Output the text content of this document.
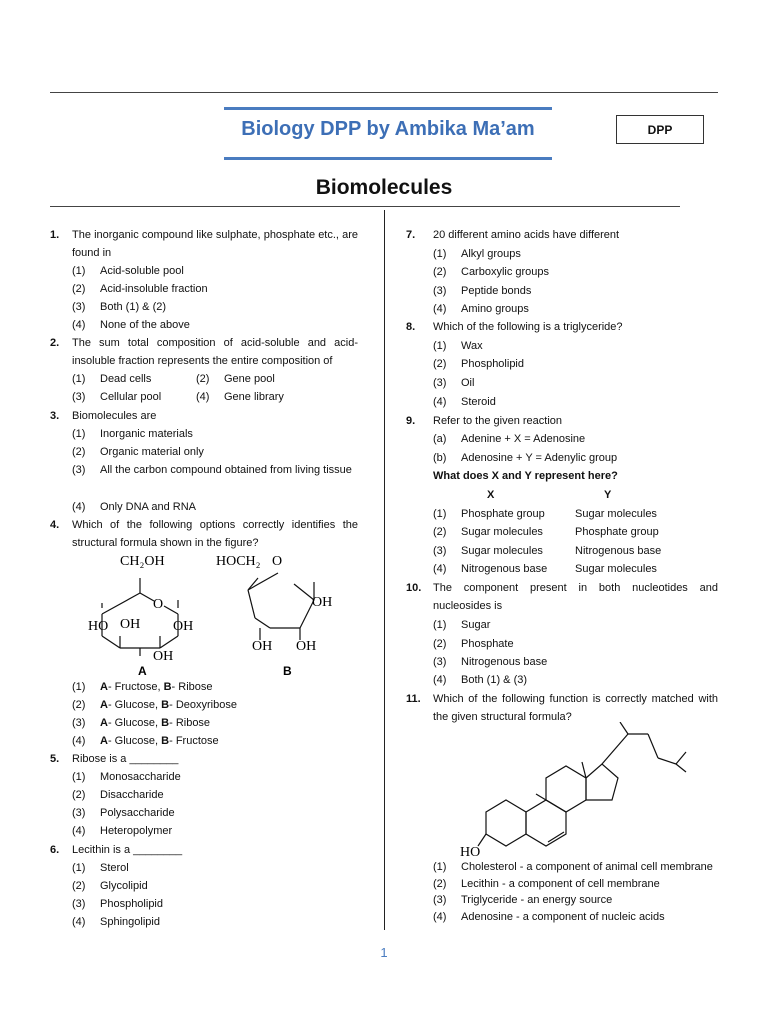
Biology DPP by Ambika Ma’am	DPP
Biomolecules
1. The inorganic compound like sulphate, phosphate etc., are found in
(1) Acid-soluble pool
(2) Acid-insoluble fraction
(3) Both (1) & (2)
(4) None of the above
2. The sum total composition of acid-soluble and acid-insoluble fraction represents the entire composition of
(1) Dead cells	(2) Gene pool
(3) Cellular pool	(4) Gene library
3. Biomolecules are
(1) Inorganic materials
(2) Organic material only
(3) All the carbon compound obtained from living tissue
(4) Only DNA and RNA
4. Which of the following options correctly identifies the structural formula shown in the figure?
CH₂OH
O
HO OH OH
OH
HOCH₂ O
OH
OH OH
A	B
(1) A- Fructose, B- Ribose
(2) A- Glucose, B- Deoxyribose
(3) A- Glucose, B- Ribose
(4) A- Glucose, B- Fructose
5. Ribose is a ________
(1) Monosaccharide
(2) Disaccharide
(3) Polysaccharide
(4) Heteropolymer
6. Lecithin is a ________
(1) Sterol
(2) Glycolipid
(3) Phospholipid
(4) Sphingolipid
7. 20 different amino acids have different
(1) Alkyl groups
(2) Carboxylic groups
(3) Peptide bonds
(4) Amino groups
8. Which of the following is a triglyceride?
(1) Wax
(2) Phospholipid
(3) Oil
(4) Steroid
9. Refer to the given reaction
(a) Adenine + X = Adenosine
(b) Adenosine + Y = Adenylic group
What does X and Y represent here?
X	Y
(1) Phosphate group	Sugar molecules
(2) Sugar molecules	Phosphate group
(3) Sugar molecules	Nitrogenous base
(4) Nitrogenous base	Sugar molecules
10. The component present in both nucleotides and nucleosides is
(1) Sugar
(2) Phosphate
(3) Nitrogenous base
(4) Both (1) & (3)
11. Which of the following function is correctly matched with the given structural formula?
HO
(1) Cholesterol - a component of animal cell membrane
(2) Lecithin - a component of cell membrane
(3) Triglyceride - an energy source
(4) Adenosine - a component of nucleic acids
1
